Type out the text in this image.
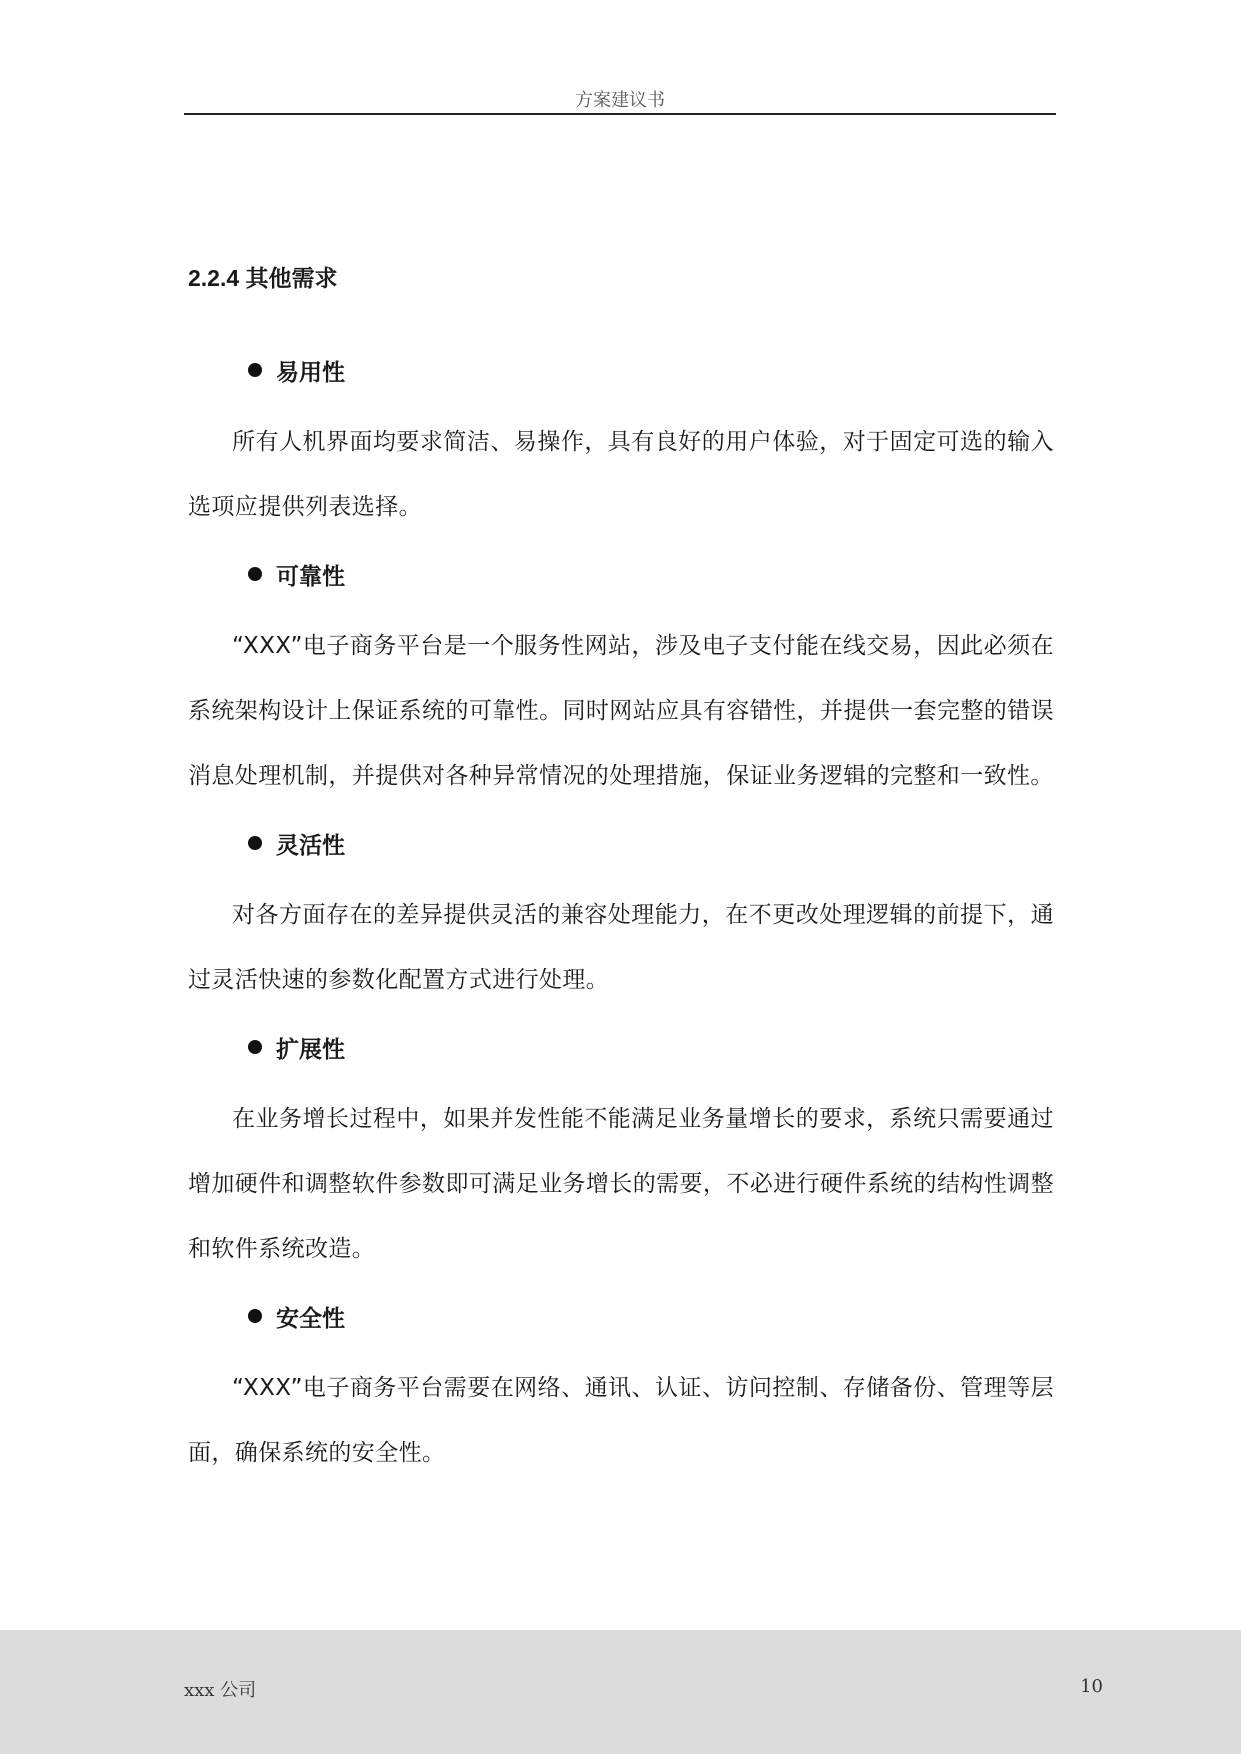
方案建议书
2.2.4 其他需求
易用性

所有人机界面均要求简洁、易操作，具有良好的用户体验，对于固定可选的输入选项应提供列表选择。

可靠性

“XXX”电子商务平台是一个服务性网站，涉及电子支付能在线交易，因此必须在系统架构设计上保证系统的可靠性。同时网站应具有容错性，并提供一套完整的错误消息处理机制，并提供对各种异常情况的处理措施，保证业务逻辑的完整和一致性。

灵活性

对各方面存在的差异提供灵活的兼容处理能力，在不更改处理逻辑的前提下，通过灵活快速的参数化配置方式进行处理。

扩展性

在业务增长过程中，如果并发性能不能满足业务量增长的要求，系统只需要通过增加硬件和调整软件参数即可满足业务增长的需要，不必进行硬件系统的结构性调整和软件系统改造。

安全性

“XXX”电子商务平台需要在网络、通讯、认证、访问控制、存储备份、管理等层面，确保系统的安全性。

xxx 公司	10
